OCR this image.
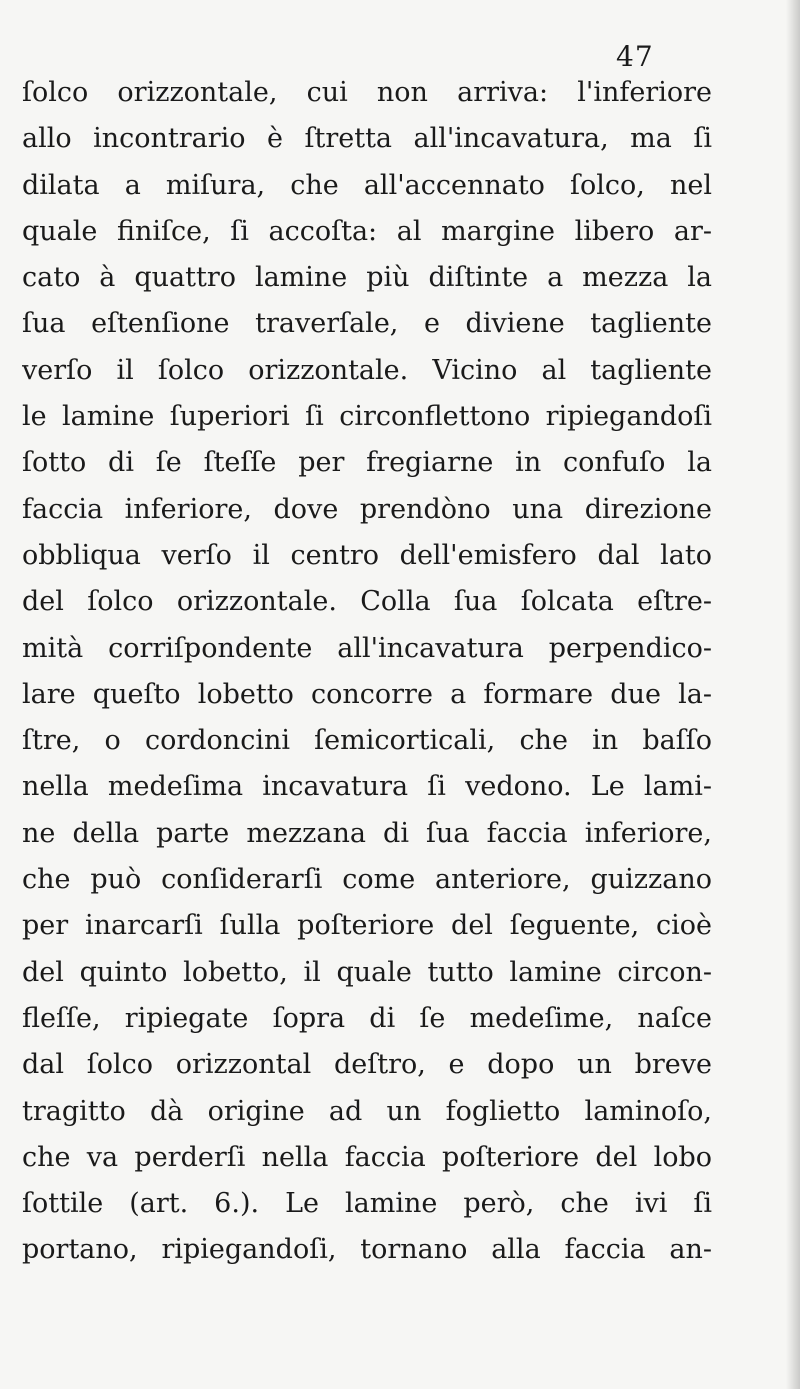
47
ſolco orizzontale, cui non arriva: l'inferiore
allo incontrario è ſtretta all'incavatura, ma ſi
dilata a miſura, che all'accennato ſolco, nel
quale finiſce, ſi accoſta: al margine libero ar-
cato à quattro lamine più diſtinte a mezza la
ſua eſtenſione traverſale, e diviene tagliente
verſo il ſolco orizzontale. Vicino al tagliente
le lamine ſuperiori ſi circonflettono ripiegandoſi
ſotto di ſe ſteſſe per fregiarne in confuſo la
faccia inferiore, dove prendòno una direzione
obbliqua verſo il centro dell'emisfero dal lato
del ſolco orizzontale. Colla ſua ſolcata eſtre-
mità corriſpondente all'incavatura perpendico-
lare queſto lobetto concorre a formare due la-
ſtre, o cordoncini ſemicorticali, che in baſſo
nella medeſima incavatura ſi vedono. Le lami-
ne della parte mezzana di ſua faccia inferiore,
che può conſiderarſi come anteriore, guizzano
per inarcarſi ſulla poſteriore del ſeguente, cioè
del quinto lobetto, il quale tutto lamine circon-
fleſſe, ripiegate ſopra di ſe medeſime, naſce
dal ſolco orizzontal deſtro, e dopo un breve
tragitto dà origine ad un foglietto laminoſo,
che va perderſi nella faccia poſteriore del lobo
ſottile (art. 6.). Le lamine però, che ivi ſi
portano, ripiegandoſi, tornano alla faccia an-
